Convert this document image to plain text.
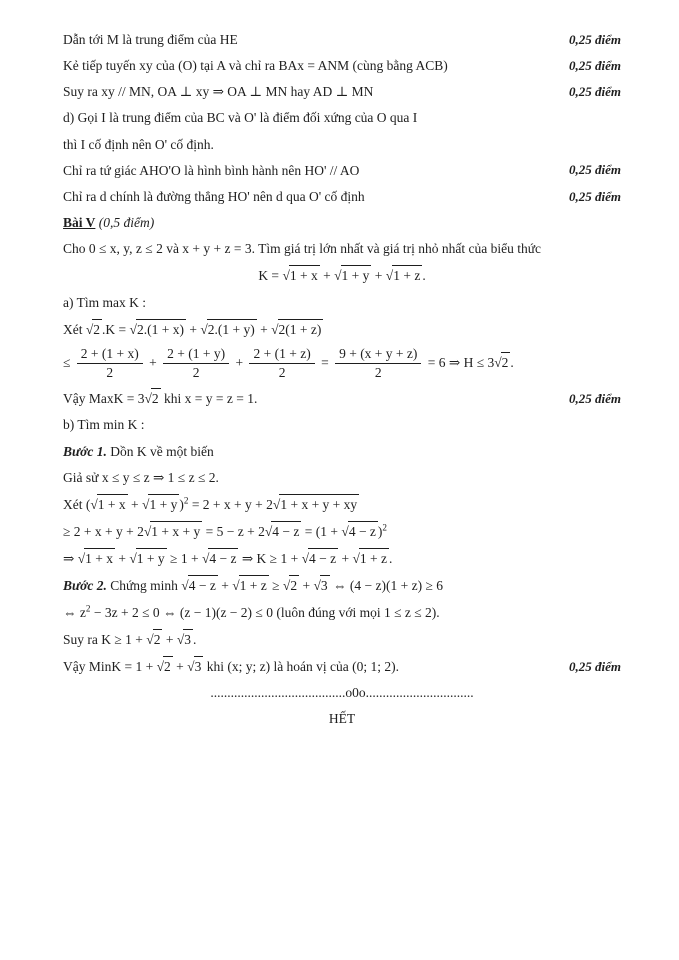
Dẫn tới M là trung điểm của HE	0,25 điểm
Kẻ tiếp tuyến xy của (O) tại A và chỉ ra BAx = ANM (cùng bằng ACB)	0,25 điểm
Suy ra xy // MN, OA ⊥ xy ⇒ OA ⊥ MN hay AD ⊥ MN	0,25 điểm
d) Gọi I là trung điểm của BC và O' là điểm đối xứng của O qua I
thì I cố định nên O' cố định.
Chỉ ra tứ giác AHO'O là hình bình hành nên HO' // AO	0,25 điểm
Chỉ ra d chính là đường thẳng HO' nên d qua O' cố định	0,25 điểm
Bài V (0,5 điểm)
Cho 0 ≤ x, y, z ≤ 2 và x + y + z = 3. Tìm giá trị lớn nhất và giá trị nhỏ nhất của biểu thức
K = √1 + x + √1 + y + √1 + z .
a) Tìm max K :
Xét √2 .K = √2.(1 + x) + √2.(1 + y) + √2(1 + z)
≤ $\frac{2 + (1 + x)}{2} + \frac{2 + (1 + y)}{2} + \frac{2 + (1 + z)}{2} = \frac{9 + (x + y + z)}{2} = 6$ ⇒ H ≤ 3√2 .
Vậy MaxK = 3√2 khi x = y = z = 1.	0,25 điểm
b) Tìm min K :
Bước 1. Dồn K về một biến
Giả sử x ≤ y ≤ z ⇒ 1 ≤ z ≤ 2.
Xét (√1 + x + √1 + y )$^2$ = 2 + x + y + 2√1 + x + y + xy
≥ 2 + x + y + 2√1 + x + y = 5 − z + 2√4 − z = (1 + √4 − z )$^2$
⇒ √1 + x + √1 + y ≥ 1 + √4 − z ⇒ K ≥ 1 + √4 − z + √1 + z .
Bước 2. Chứng minh √4 − z + √1 + z ≥ √2 + √3 ⇔ (4 − z)(1 + z) ≥ 6
⇔ $z^2 - 3z + 2 \le 0$ ⇔ (z − 1)(z − 2) ≤ 0 (luôn đúng với mọi 1 ≤ z ≤ 2).
Suy ra K ≥ 1 + √2 + √3 .
Vậy MinK = 1 + √2 + √3 khi (x; y; z) là hoán vị của (0; 1; 2).	0,25 điểm
........................................o0o................................
HẾT
